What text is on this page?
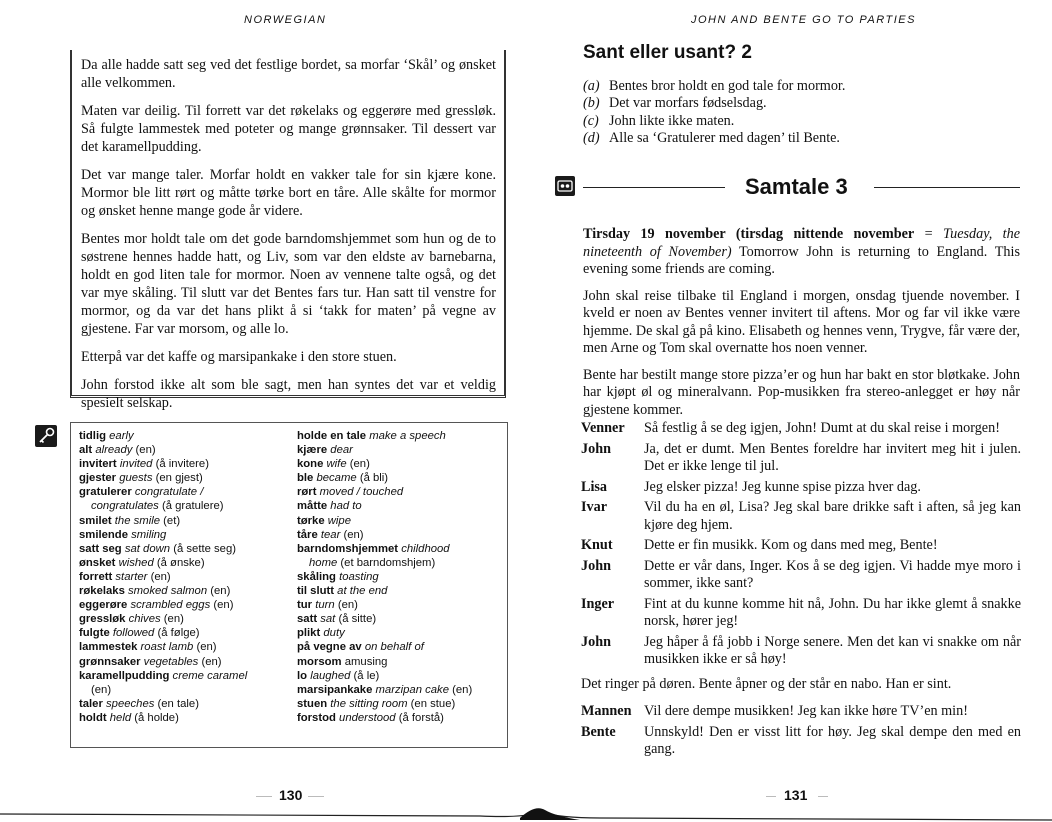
NORWEGIAN

Da alle hadde satt seg ved det festlige bordet, sa morfar ‘Skål’ og ønsket alle velkommen.

Maten var deilig. Til forrett var det røkelaks og eggerøre med gressløk. Så fulgte lammestek med poteter og mange grønnsaker. Til dessert var det karamellpudding.

Det var mange taler. Morfar holdt en vakker tale for sin kjære kone. Mormor ble litt rørt og måtte tørke bort en tåre. Alle skålte for mormor og ønsket henne mange gode år videre.

Bentes mor holdt tale om det gode barndomshjemmet som hun og de to søstrene hennes hadde hatt, og Liv, som var den eldste av barnebarna, holdt en god liten tale for mormor. Noen av vennene talte også, og det var mye skåling. Til slutt var det Bentes fars tur. Han satt til venstre for mormor, og da var det hans plikt å si ‘takk for maten’ på vegne av gjestene. Far var morsom, og alle lo.

Etterpå var det kaffe og marsipankake i den store stuen.

John forstod ikke alt som ble sagt, men han syntes det var et veldig spesielt selskap.

tidlig early
alt already (en)
invitert invited (å invitere)
gjester guests (en gjest)
gratulerer congratulate /
congratulates (å gratulere)
smilet the smile (et)
smilende smiling
satt seg sat down (å sette seg)
ønsket wished (å ønske)
forrett starter (en)
røkelaks smoked salmon (en)
eggerøre scrambled eggs (en)
gressløk chives (en)
fulgte followed (å følge)
lammestek roast lamb (en)
grønnsaker vegetables (en)
karamellpudding creme caramel
(en)
taler speeches (en tale)
holdt held (å holde)
holde en tale make a speech
kjære dear
kone wife (en)
ble became (å bli)
rørt moved / touched
måtte had to
tørke wipe
tåre tear (en)
barndomshjemmet childhood
home (et barndomshjem)
skåling toasting
til slutt at the end
tur turn (en)
satt sat (å sitte)
plikt duty
på vegne av on behalf of
morsom amusing
lo laughed (å le)
marsipankake marzipan cake (en)
stuen the sitting room (en stue)
forstod understood (å forstå)
130
JOHN AND BENTE GO TO PARTIES
Sant eller usant? 2
(a) Bentes bror holdt en god tale for mormor.
(b) Det var morfars fødselsdag.
(c) John likte ikke maten.
(d) Alle sa ‘Gratulerer med dagen’ til Bente.
Samtale 3

Tirsday 19 november (tirsdag nittende november = Tuesday, the nineteenth of November) Tomorrow John is returning to England. This evening some friends are coming.

John skal reise tilbake til England i morgen, onsdag tjuende november. I kveld er noen av Bentes venner invitert til aftens. Mor og far vil ikke være hjemme. De skal gå på kino. Elisabeth og hennes venn, Trygve, får være der, men Arne og Tom skal overnatte hos noen venner.

Bente har bestilt mange store pizza’er og hun har bakt en stor bløtkake. John har kjøpt øl og mineralvann. Pop-musikken fra stereo-anlegget er høy når gjestene kommer.

Venner	Så festlig å se deg igjen, John! Dumt at du skal reise i morgen!
John	Ja, det er dumt. Men Bentes foreldre har invitert meg hit i julen. Det er ikke lenge til jul.
Lisa	Jeg elsker pizza! Jeg kunne spise pizza hver dag.
Ivar	Vil du ha en øl, Lisa? Jeg skal bare drikke saft i aften, så jeg kan kjøre deg hjem.
Knut	Dette er fin musikk. Kom og dans med meg, Bente!
John	Dette er vår dans, Inger. Kos å se deg igjen. Vi hadde mye moro i sommer, ikke sant?
Inger	Fint at du kunne komme hit nå, John. Du har ikke glemt å snakke norsk, hører jeg!
John	Jeg håper å få jobb i Norge senere. Men det kan vi snakke om når musikken ikke er så høy!
Det ringer på døren. Bente åpner og der står en nabo. Han er sint.
Mannen Vil dere dempe musikken! Jeg kan ikke høre TV’en min!
Bente	Unnskyld! Den er visst litt for høy. Jeg skal dempe den med en gang.
131
